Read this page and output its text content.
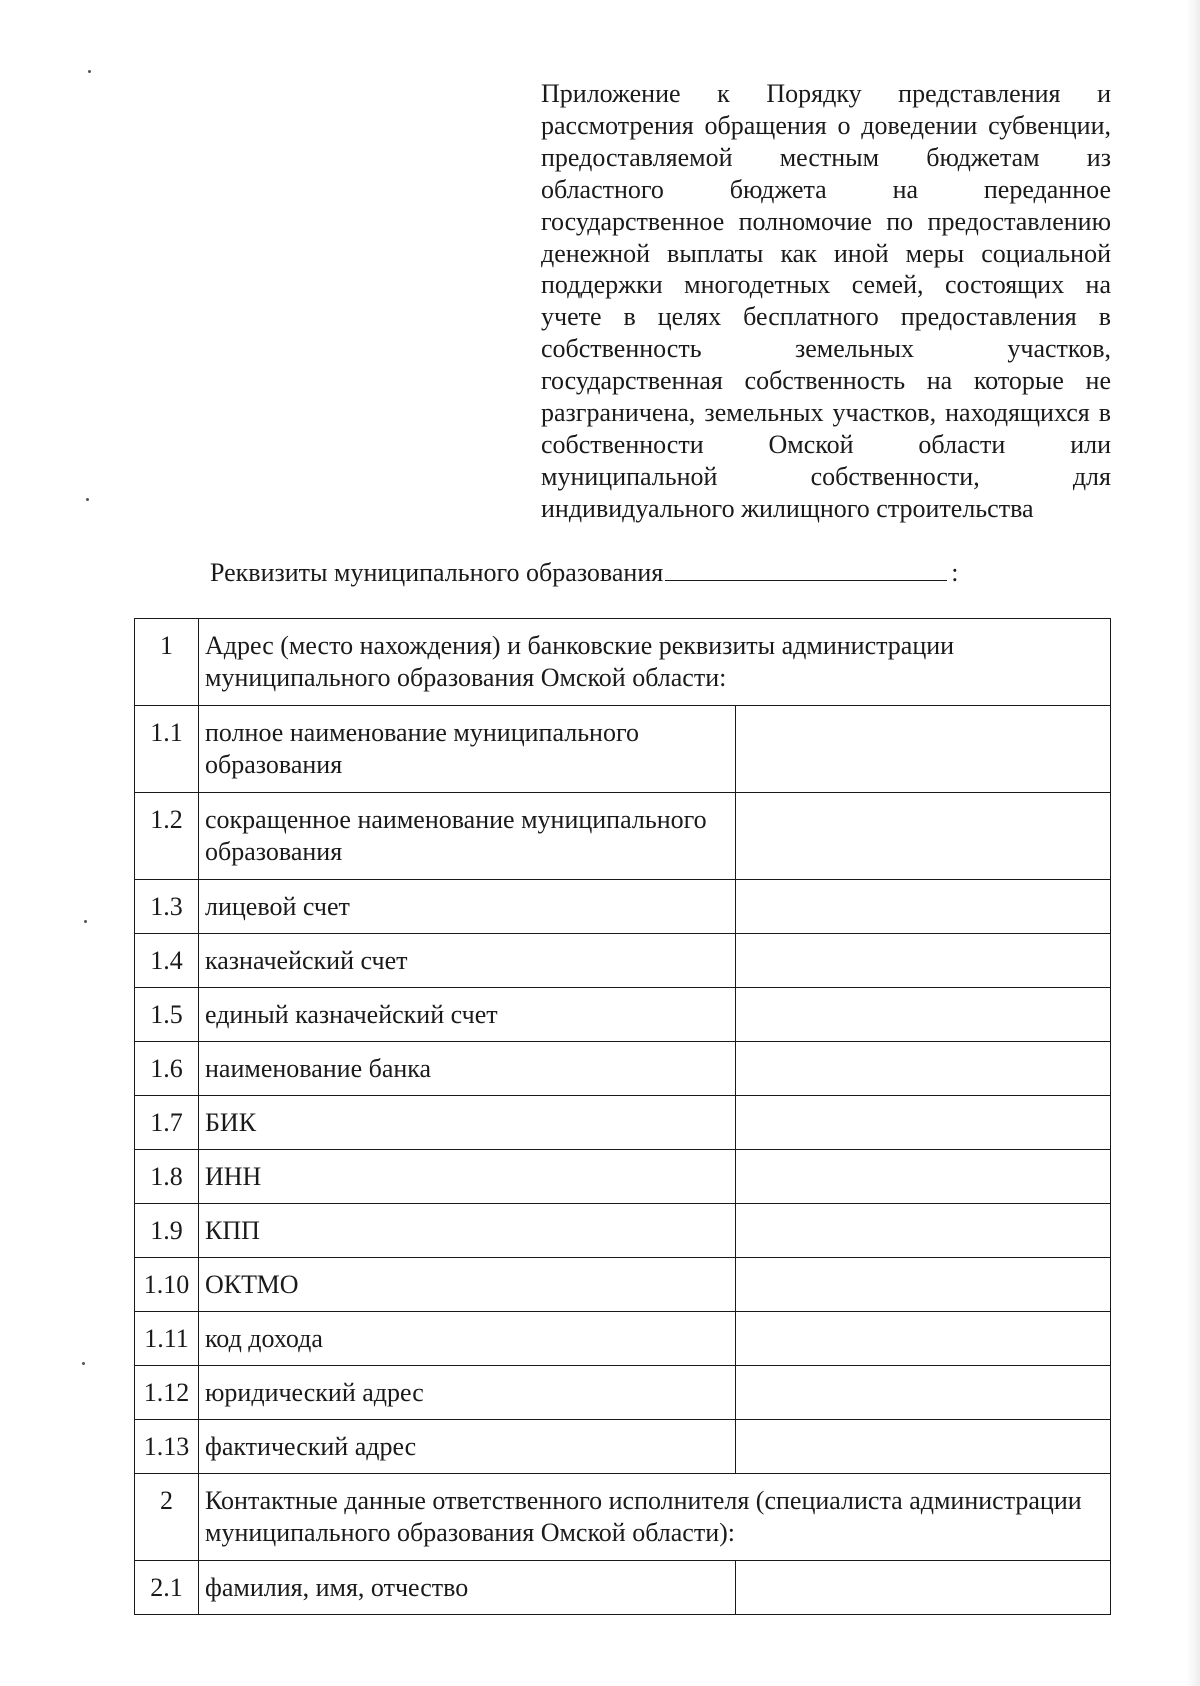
Приложение к Порядку представления и рассмотрения обращения о доведении субвенции, предоставляемой местным бюджетам из областного бюджета на переданное государственное полномочие по предоставлению денежной выплаты как иной меры социальной поддержки многодетных семей, состоящих на учете в целях бесплатного предоставления в собственность земельных участков, государственная собственность на которые не разграничена, земельных участков, находящихся в собственности Омской области или муниципальной собственности, для индивидуального жилищного строительства
Реквизиты муниципального образования	:
1	Адрес (место нахождения) и банковские реквизиты администрации муниципального образования Омской области:	
1.1	полное наименование муниципального образования	
1.2	сокращенное наименование муниципального образования	
1.3	лицевой счет	
1.4	казначейский счет	
1.5	единый казначейский счет	
1.6	наименование банка	
1.7	БИК	
1.8	ИНН	
1.9	КПП	
1.10	ОКТМО	
1.11	код дохода	
1.12	юридический адрес	
1.13	фактический адрес	
2	Контактные данные ответственного исполнителя (специалиста администрации муниципального образования Омской области):	
2.1	фамилия, имя, отчество	
